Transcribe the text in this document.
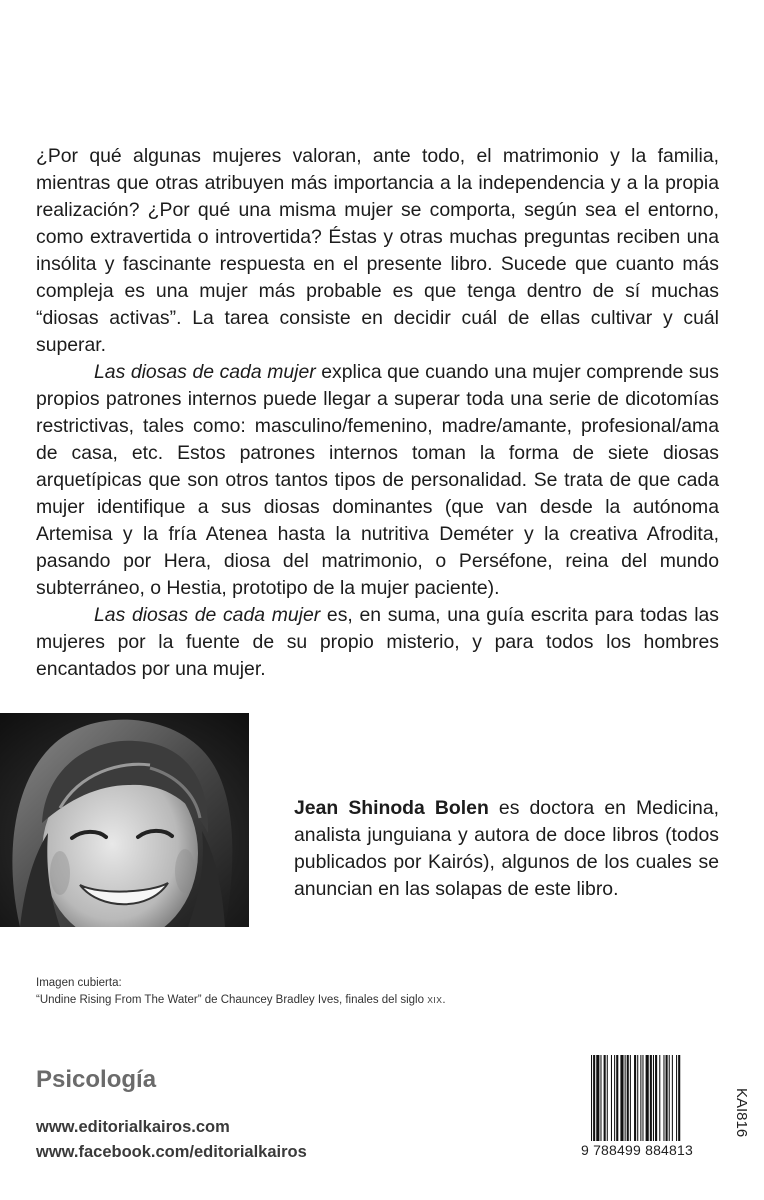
¿Por qué algunas mujeres valoran, ante todo, el matrimonio y la familia, mientras que otras atribuyen más importancia a la independencia y a la propia realización? ¿Por qué una misma mujer se comporta, según sea el entorno, como extravertida o introvertida? Éstas y otras muchas preguntas reciben una insólita y fascinante respuesta en el presente libro. Sucede que cuanto más compleja es una mujer más probable es que tenga dentro de sí muchas “diosas activas”. La tarea consiste en decidir cuál de ellas cultivar y cuál superar.

Las diosas de cada mujer explica que cuando una mujer comprende sus propios patrones internos puede llegar a superar toda una serie de dicotomías restrictivas, tales como: masculino/femenino, madre/amante, profesional/ama de casa, etc. Estos patrones internos toman la forma de siete diosas arquetípicas que son otros tantos tipos de personalidad. Se trata de que cada mujer identifique a sus diosas dominantes (que van desde la autónoma Artemisa y la fría Atenea hasta la nutritiva Deméter y la creativa Afrodita, pasando por Hera, diosa del matrimonio, o Perséfone, reina del mundo subterráneo, o Hestia, prototipo de la mujer paciente).

Las diosas de cada mujer es, en suma, una guía escrita para todas las mujeres por la fuente de su propio misterio, y para todos los hombres encantados por una mujer.

Jean Shinoda Bolen es doctora en Medicina, analista junguiana y autora de doce libros (todos publicados por Kairós), algunos de los cuales se anuncian en las solapas de este libro.
Imagen cubierta:
“Undine Rising From The Water” de Chauncey Bradley Ives, finales del siglo XIX.
Psicología
www.editorialkairos.com
www.facebook.com/editorialkairos	9 788499 884813
KAI816
